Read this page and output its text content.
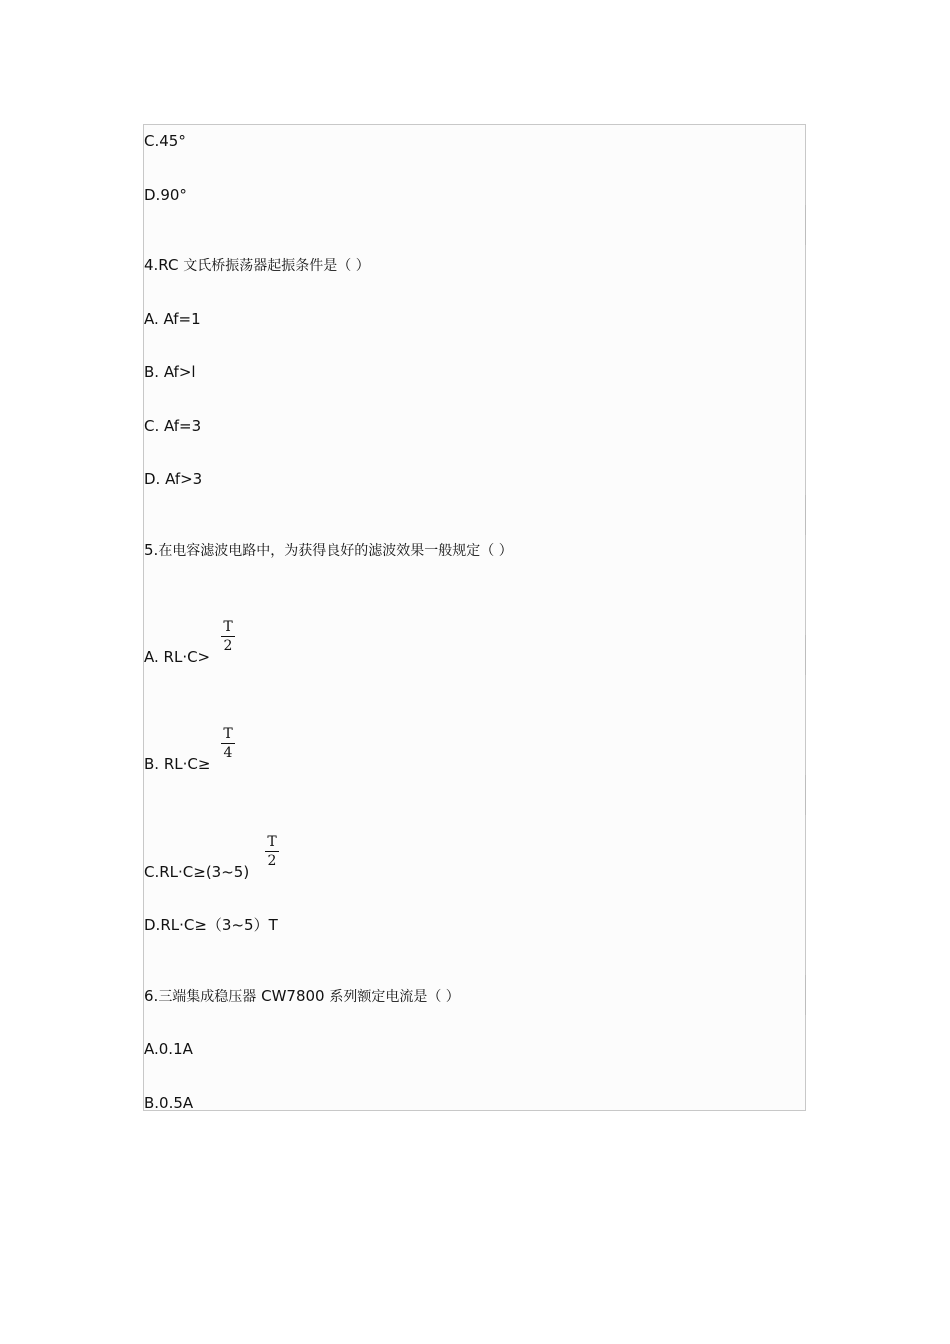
C.45°
D.90°
4.RC 文氏桥振荡器起振条件是（ ）
A. Af=1
B. Af>l
C. Af=3
D. Af>3
5.在电容滤波电路中，为获得良好的滤波效果一般规定（ ）
A. RL·C>
T
2
B. RL·C≥
T
4
C.RL·C≥(3~5)
T
2
D.RL·C≥（3~5）T
6.三端集成稳压器 CW7800 系列额定电流是（ ）
A.0.1A
B.0.5A
